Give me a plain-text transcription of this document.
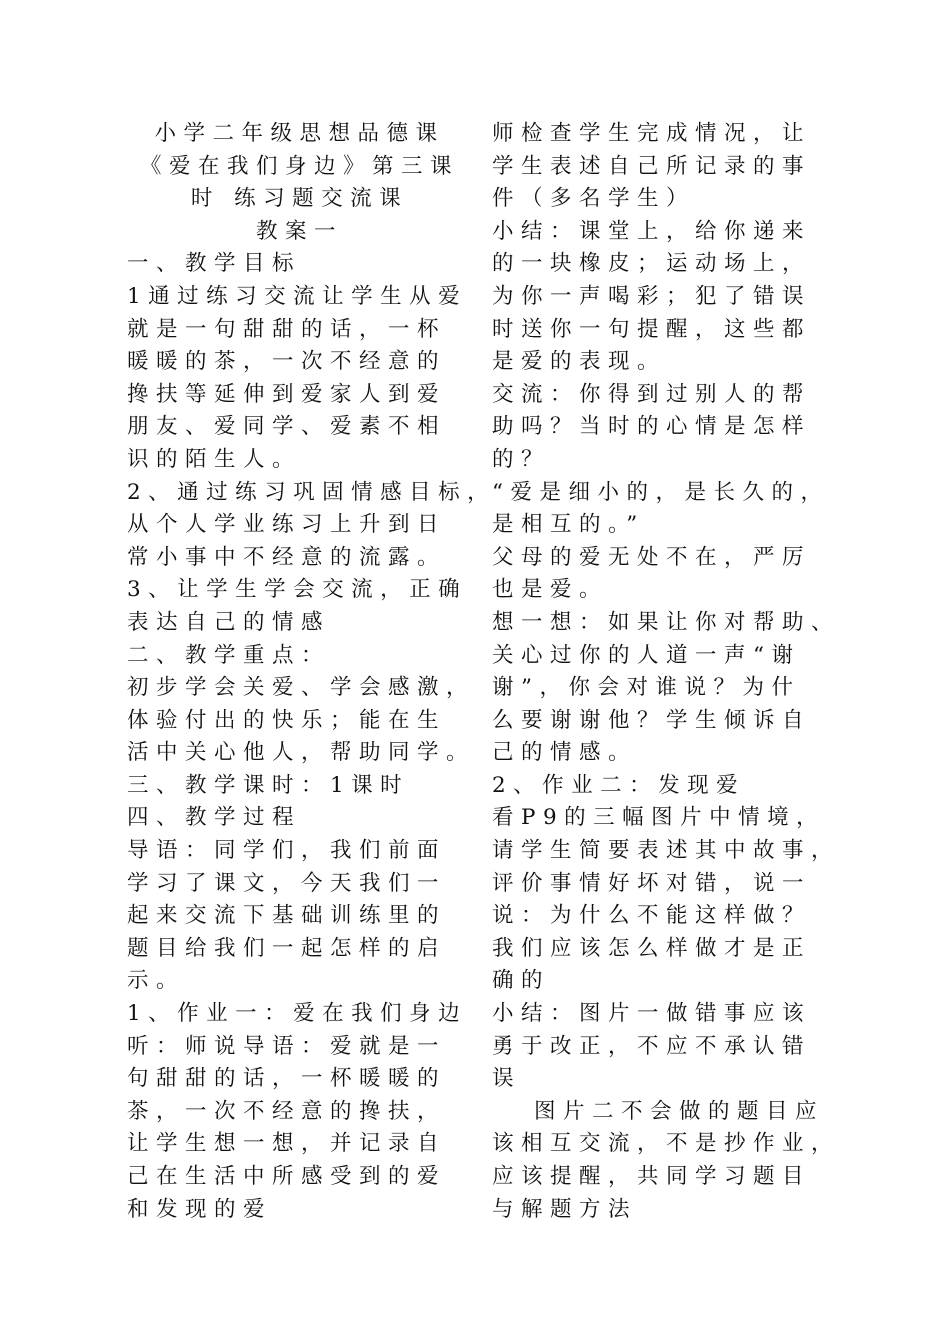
小学二年级思想品德课
《爱在我们身边》第三课
时 练习题交流课
教案一
一、教学目标
1通过练习交流让学生从爱
就是一句甜甜的话，一杯
暖暖的茶，一次不经意的
搀扶等延伸到爱家人到爱
朋友、爱同学、爱素不相
识的陌生人。
2、通过练习巩固情感目标，
从个人学业练习上升到日
常小事中不经意的流露。
3、让学生学会交流，正确
表达自己的情感
二、教学重点：
初步学会关爱、学会感激，
体验付出的快乐；能在生
活中关心他人，帮助同学。
三、教学课时：1课时
四、教学过程
导语：同学们，我们前面
学习了课文，今天我们一
起来交流下基础训练里的
题目给我们一起怎样的启
示。
1、作业一：爱在我们身边
听：师说导语：爱就是一
句甜甜的话，一杯暖暖的
茶，一次不经意的搀扶，
让学生想一想，并记录自
己在生活中所感受到的爱
和发现的爱
师检查学生完成情况，让
学生表述自己所记录的事
件（多名学生）
小结：课堂上，给你递来
的一块橡皮；运动场上，
为你一声喝彩；犯了错误
时送你一句提醒，这些都
是爱的表现。
交流：你得到过别人的帮
助吗？当时的心情是怎样
的？
“爱是细小的，是长久的，
是相互的。”
父母的爱无处不在，严厉
也是爱。
想一想：如果让你对帮助、
关心过你的人道一声“谢
谢”，你会对谁说？为什
么要谢谢他？学生倾诉自
己的情感。
2、作业二：发现爱
看P9的三幅图片中情境，
请学生简要表述其中故事，
评价事情好坏对错，说一
说：为什么不能这样做？
我们应该怎么样做才是正
确的
小结：图片一做错事应该
勇于改正，不应不承认错
误
图片二不会做的题目应
该相互交流，不是抄作业，
应该提醒，共同学习题目
与解题方法
